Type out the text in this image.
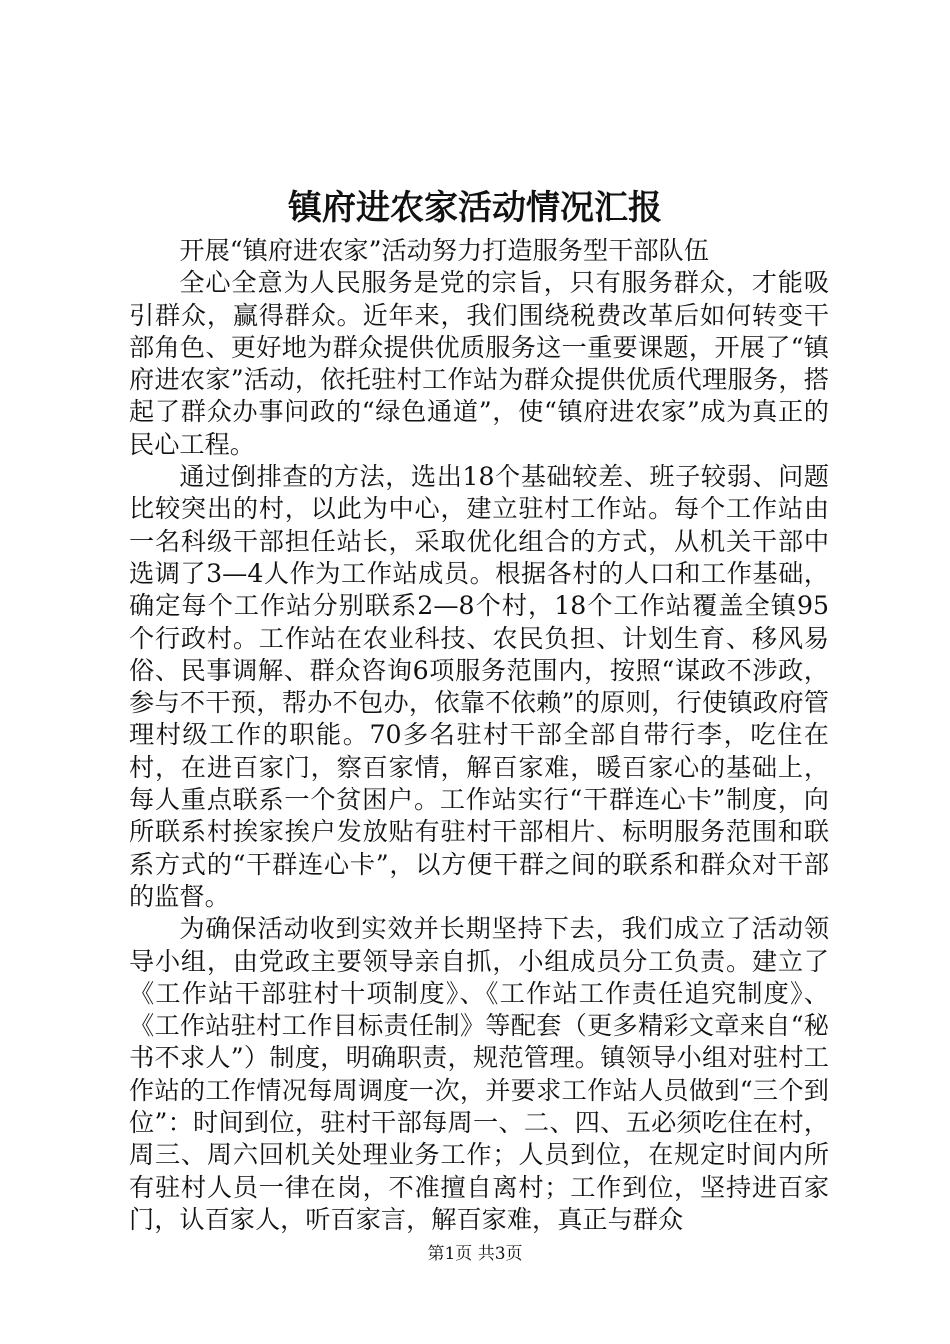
镇府进农家活动情况汇报

开展“镇府进农家”活动努力打造服务型干部队伍

全心全意为人民服务是党的宗旨，只有服务群众，才能吸引群众，赢得群众。近年来，我们围绕税费改革后如何转变干部角色、更好地为群众提供优质服务这一重要课题，开展了“镇府进农家”活动，依托驻村工作站为群众提供优质代理服务，搭起了群众办事问政的“绿色通道”，使“镇府进农家”成为真正的民心工程。

通过倒排查的方法，选出18个基础较差、班子较弱、问题比较突出的村，以此为中心，建立驻村工作站。每个工作站由一名科级干部担任站长，采取优化组合的方式，从机关干部中选调了3—4人作为工作站成员。根据各村的人口和工作基础，确定每个工作站分别联系2—8个村，18个工作站覆盖全镇95个行政村。工作站在农业科技、农民负担、计划生育、移风易俗、民事调解、群众咨询6项服务范围内，按照“谋政不涉政，参与不干预，帮办不包办，依靠不依赖”的原则，行使镇政府管理村级工作的职能。70多名驻村干部全部自带行李，吃住在村，在进百家门，察百家情，解百家难，暖百家心的基础上，每人重点联系一个贫困户。工作站实行“干群连心卡”制度，向所联系村挨家挨户发放贴有驻村干部相片、标明服务范围和联系方式的“干群连心卡”，以方便干群之间的联系和群众对干部的监督。

为确保活动收到实效并长期坚持下去，我们成立了活动领导小组，由党政主要领导亲自抓，小组成员分工负责。建立了《工作站干部驻村十项制度》、《工作站工作责任追究制度》、《工作站驻村工作目标责任制》等配套（更多精彩文章来自“秘书不求人”）制度，明确职责，规范管理。镇领导小组对驻村工作站的工作情况每周调度一次，并要求工作站人员做到“三个到位”：时间到位，驻村干部每周一、二、四、五必须吃住在村，周三、周六回机关处理业务工作；人员到位，在规定时间内所有驻村人员一律在岗，不准擅自离村；工作到位，坚持进百家门，认百家人，听百家言，解百家难，真正与群众

第1页 共3页
